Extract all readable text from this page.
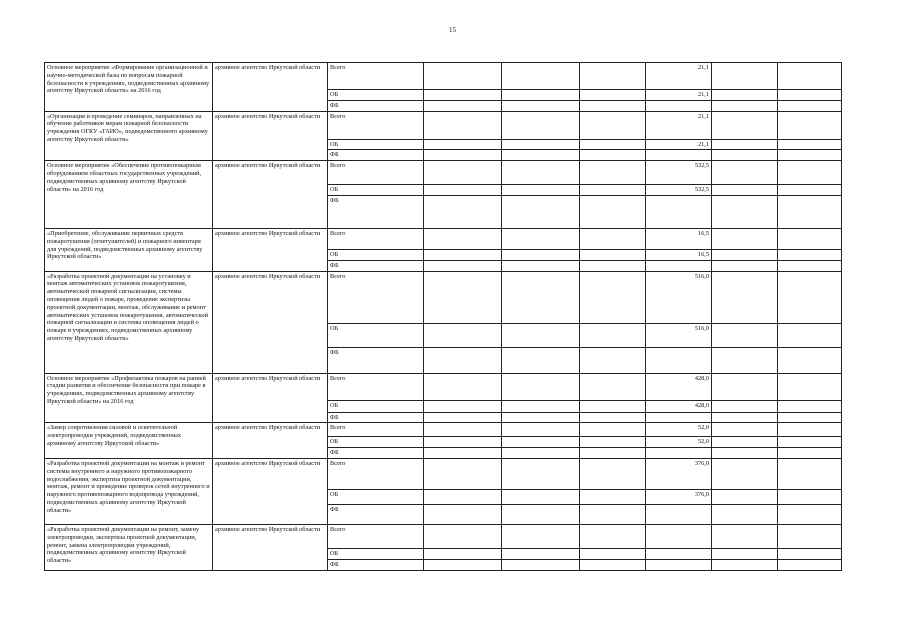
15
Основное мероприятие «Формирование организационной и научно-методической базы по вопросам пожарной безопасности в учреждениях, подведомственных архивному агентству Иркутской области» на 2016 год	архивное агентство Иркутской области	Всего				21,1		
		ОБ				21,1		
		ФБ						
«Организация и проведение семинаров, направленных на обучение работников мерам пожарной безопасности учреждения ОГКУ «ГАИО», подведомственного архивному агентству Иркутской области»	архивное агентство Иркутской области	Всего				21,1		
		ОБ				21,1		
		ФБ						
Основное мероприятие «Обеспечение противопожарным оборудованием областных государственных учреждений, подведомственных архивному агентству Иркутской области» на 2016 год	архивное агентство Иркутской области	Всего				532,5		
		ОБ				532,5		
		ФБ						
«Приобретение, обслуживание первичных средств пожаротушения (огнетушителей) и пожарного инвентаря для учреждений, подведомственных архивному агентству Иркутской области»	архивное агентство Иркутской области	Всего				16,5		
		ОБ				16,5		
		ФБ						
«Разработка проектной документации на установку и монтаж автоматических установок пожаротушения, автоматической пожарной сигнализации, системы оповещения людей о пожаре, проведение экспертизы проектной документации, монтаж, обслуживание и ремонт автоматических установок пожаротушения, автоматической пожарной сигнализации и системы оповещения людей о пожаре в учреждениях, подведомственных архивному агентству Иркутской области»	архивное агентство Иркутской области	Всего				516,0		
		ОБ				516,0		
		ФБ						
Основное мероприятие «Профилактика пожаров на ранней стадии развития и обеспечение безопасности при пожаре в учреждениях, подведомственных архивному агентству Иркутской области» на 2016 год	архивное агентство Иркутской области	Всего				428,0		
		ОБ				428,0		
		ФБ						
«Замер сопротивления силовой и осветительной электропроводки учреждений, подведомственных архивному агентству Иркутской области»	архивное агентство Иркутской области	Всего				52,0		
		ОБ				52,0		
		ФБ						
«Разработка проектной документации на монтаж и ремонт системы внутреннего и наружного противопожарного водоснабжения, экспертиза проектной документации, монтаж, ремонт и проведение проверок сетей внутреннего и наружного противопожарного водопровода учреждений, подведомственных архивному агентству Иркутской области»	архивное агентство Иркутской области	Всего				376,0		
		ОБ				376,0		
		ФБ						
«Разработка проектной документации на ремонт, замену электропроводки, экспертиза проектной документации, ремонт, замена электропроводки учреждений, подведомственных архивному агентству Иркутской области»	архивное агентство Иркутской области	Всего						
		ОБ						
		ФБ						
